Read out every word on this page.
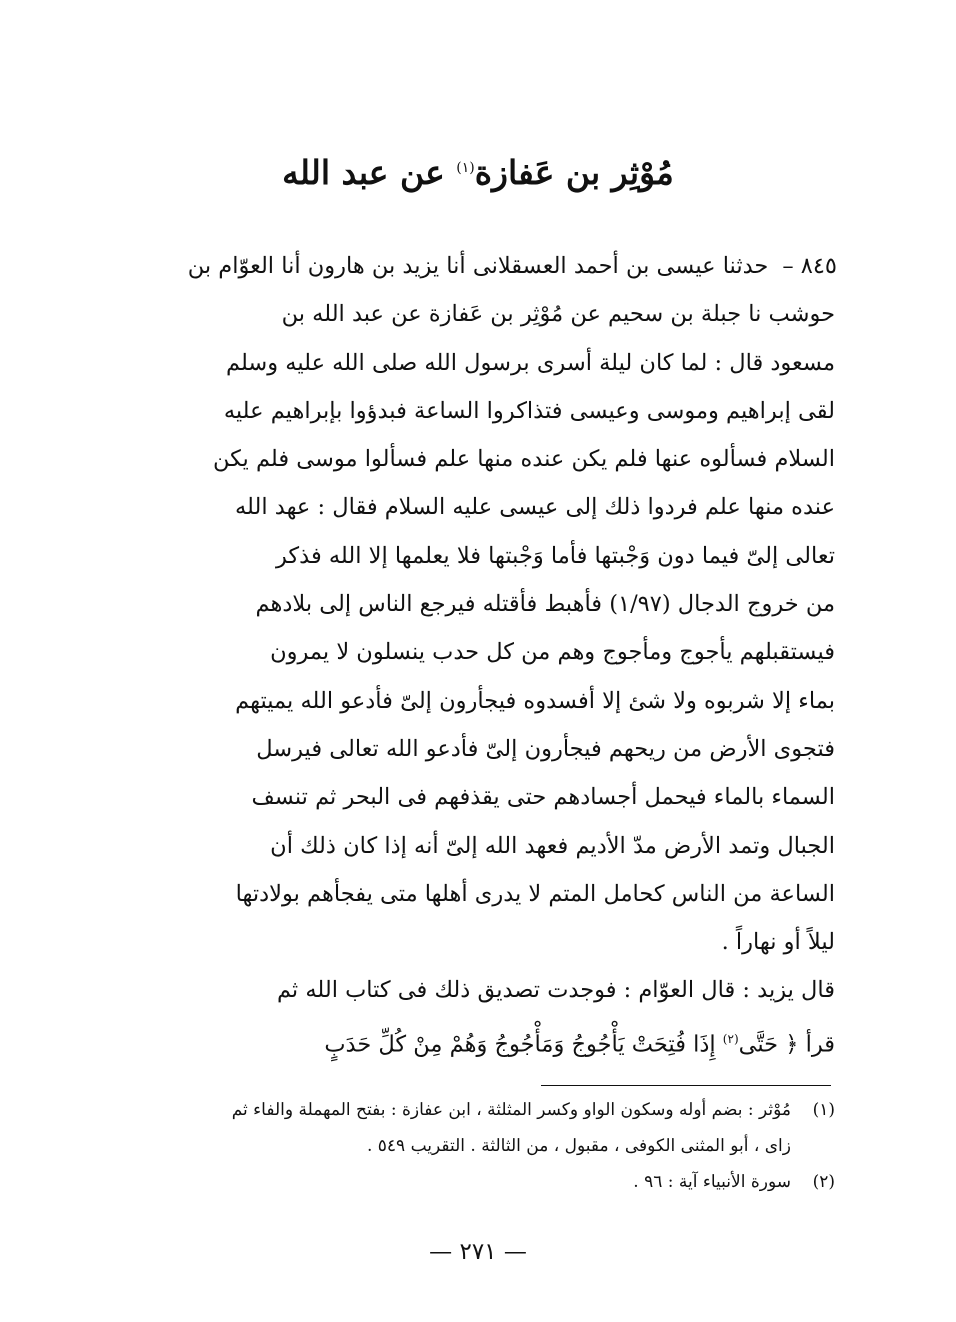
مُوْثِر بن عَفازة$^{(١)}$ عن عبد الله
٨٤٥ –حدثنا عيسى بن أحمد العسقلانى أنا يزيد بن هارون أنا العوّام بن
حوشب نا جبلة بن سحيم عن مُوْثِر بن عَفازة عن عبد الله بن
مسعود قال : لما كان ليلة أسرى برسول الله صلى الله عليه وسلم
لقى إبراهيم وموسى وعيسى فتذاكروا الساعة فبدؤوا بإبراهيم عليه
السلام فسألوه عنها فلم يكن عنده منها علم فسألوا موسى فلم يكن
عنده منها علم فردوا ذلك إلى عيسى عليه السلام فقال : عهد الله
تعالى إلىّ فيما دون وَجْبتها فأما وَجْبتها فلا يعلمها إلا الله فذكر
من خروج الدجال (١/٩٧) فأهبط فأقتله فيرجع الناس إلى بلادهم
فيستقبلهم يأجوج ومأجوج وهم من كل حدب ينسلون لا يمرون
بماء إلا شربوه ولا شئ إلا أفسدوه فيجأرون إلىّ فأدعو الله يميتهم
فتجوى الأرض من ريحهم فيجأرون إلىّ فأدعو الله تعالى فيرسل
السماء بالماء فيحمل أجسادهم حتى يقذفهم فى البحر ثم تنسف
الجبال وتمد الأرض مدّ الأديم فعهد الله إلىّ أنه إذا كان ذلك أن
الساعة من الناس كحامل المتم لا يدرى أهلها متى يفجأهم بولادتها
ليلاً أو نهاراً .
قال يزيد : قال العوّام : فوجدت تصديق ذلك فى كتاب الله ثم
قرأ ﴿ حَتَّى$^{(٢)}$ إِذَا فُتِحَتْ يَأْجُوجُ وَمَأْجُوجُ وَهُمْ مِنْ كُلِّ حَدَبٍ
(١)مُوْثر : بضم أوله وسكون الواو وكسر المثلثة ، ابن عفازة : بفتح المهملة والفاء ثم
زاى ، أبو المثنى الكوفى ، مقبول ، من الثالثة . التقريب ٥٤٩ .
(٢)سورة الأنبياء آية : ٩٦ .
— ٢٧١ —
